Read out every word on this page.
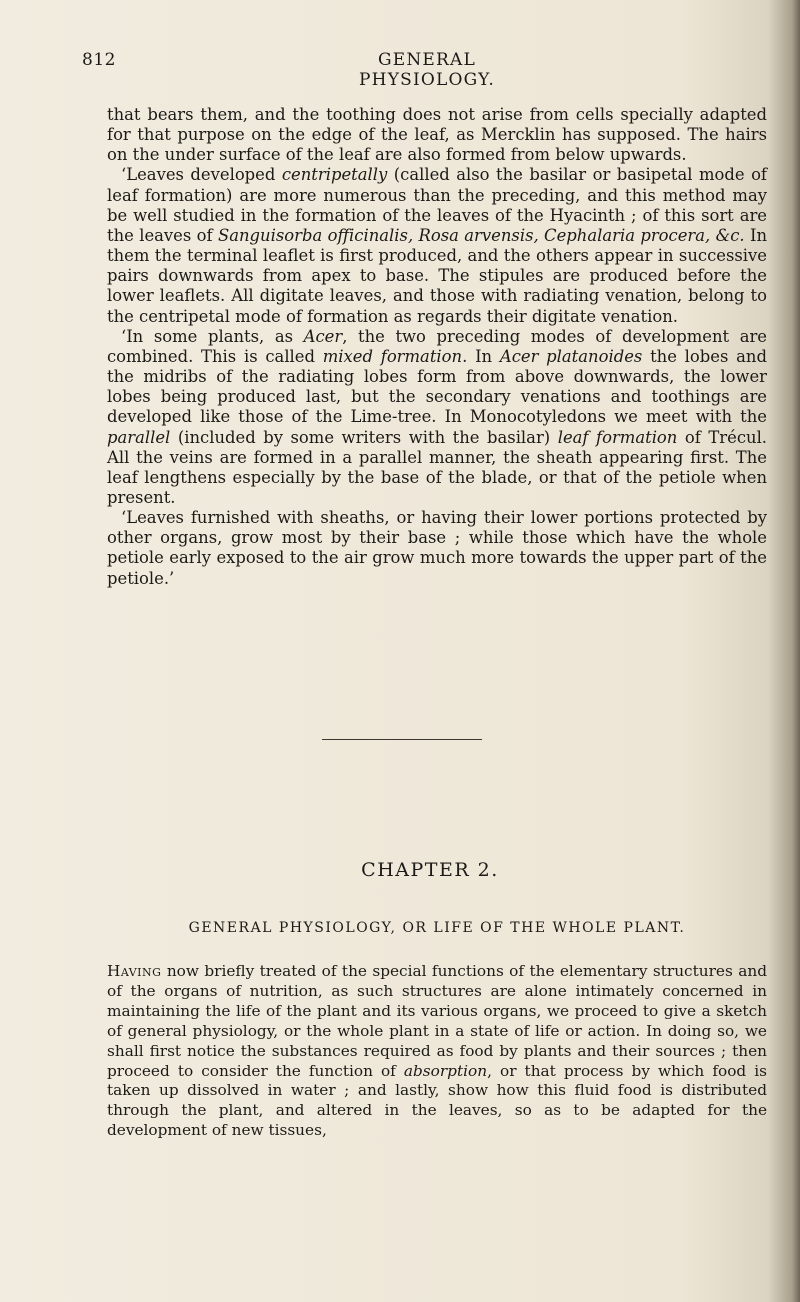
812	GENERAL PHYSIOLOGY.

that bears them, and the toothing does not arise from cells specially adapted for that purpose on the edge of the leaf, as Mercklin has supposed. The hairs on the under surface of the leaf are also formed from below upwards.

‘Leaves developed centripetally (called also the basilar or basipetal mode of leaf formation) are more numerous than the preceding, and this method may be well studied in the formation of the leaves of the Hyacinth ; of this sort are the leaves of Sanguisorba officinalis, Rosa arvensis, Cephalaria procera, &c. In them the terminal leaflet is first produced, and the others appear in successive pairs downwards from apex to base. The stipules are produced before the lower leaflets. All digitate leaves, and those with radiating venation, belong to the centripetal mode of formation as regards their digitate venation.

‘In some plants, as Acer, the two preceding modes of development are combined. This is called mixed formation. In Acer platanoides the lobes and the midribs of the radiating lobes form from above downwards, the lower lobes being produced last, but the secondary venations and toothings are developed like those of the Lime-tree. In Monocotyledons we meet with the parallel (included by some writers with the basilar) leaf formation of Trécul. All the veins are formed in a parallel manner, the sheath appearing first. The leaf lengthens especially by the base of the blade, or that of the petiole when present.

‘Leaves furnished with sheaths, or having their lower portions protected by other organs, grow most by their base ; while those which have the whole petiole early exposed to the air grow much more towards the upper part of the petiole.’

CHAPTER 2.
GENERAL PHYSIOLOGY, OR LIFE OF THE WHOLE PLANT.

Having now briefly treated of the special functions of the elementary structures and of the organs of nutrition, as such structures are alone intimately concerned in maintaining the life of the plant and its various organs, we proceed to give a sketch of general physiology, or the whole plant in a state of life or action. In doing so, we shall first notice the substances required as food by plants and their sources ; then proceed to consider the function of absorption, or that process by which food is taken up dissolved in water ; and lastly, show how this fluid food is distributed through the plant, and altered in the leaves, so as to be adapted for the development of new tissues,
